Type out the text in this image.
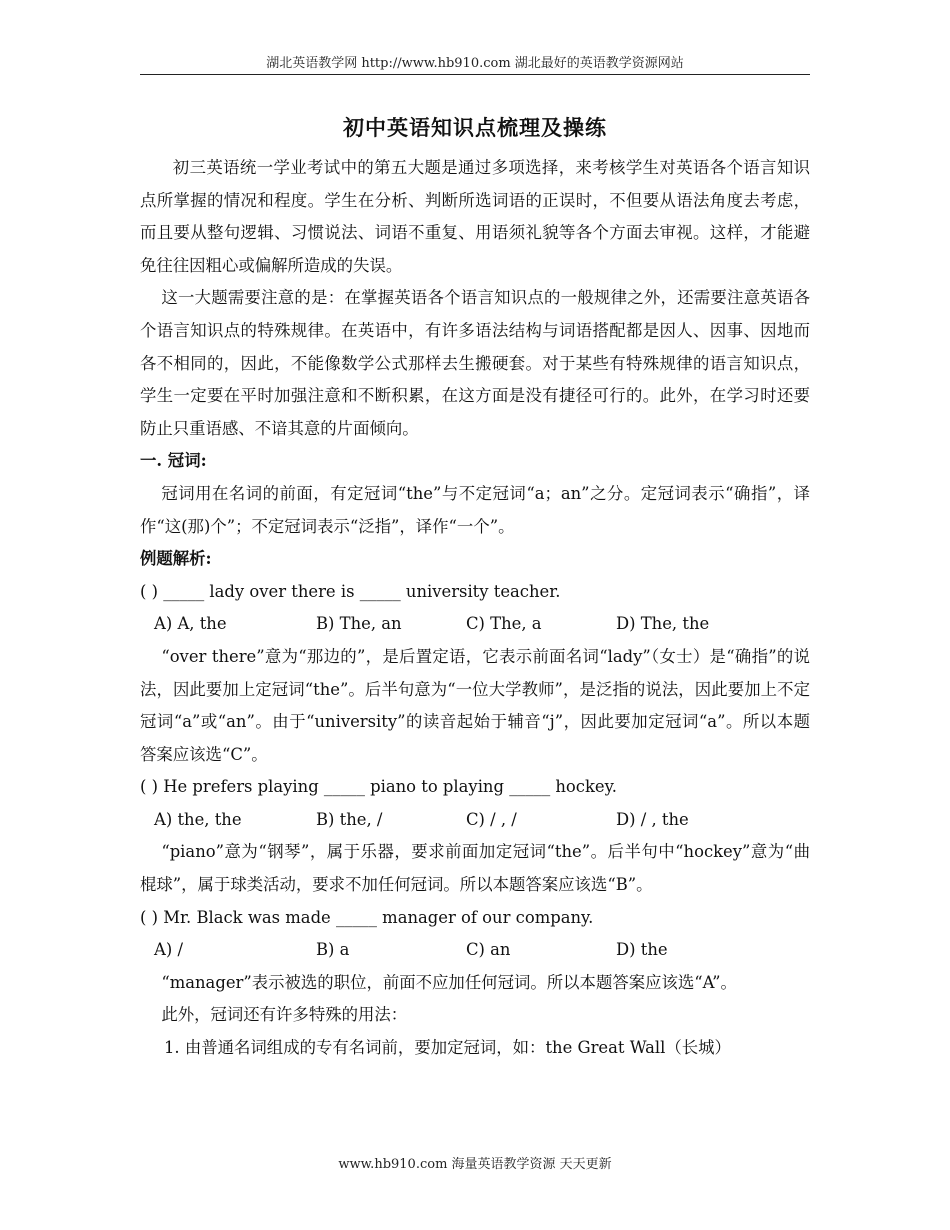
湖北英语教学网 http://www.hb910.com 湖北最好的英语教学资源网站
初中英语知识点梳理及操练

初三英语统一学业考试中的第五大题是通过多项选择，来考核学生对英语各个语言知识点所掌握的情况和程度。学生在分析、判断所选词语的正误时，不但要从语法角度去考虑，而且要从整句逻辑、习惯说法、词语不重复、用语须礼貌等各个方面去审视。这样，才能避免往往因粗心或偏解所造成的失误。

这一大题需要注意的是：在掌握英语各个语言知识点的一般规律之外，还需要注意英语各个语言知识点的特殊规律。在英语中，有许多语法结构与词语搭配都是因人、因事、因地而各不相同的，因此，不能像数学公式那样去生搬硬套。对于某些有特殊规律的语言知识点，学生一定要在平时加强注意和不断积累，在这方面是没有捷径可行的。此外，在学习时还要防止只重语感、不谙其意的片面倾向。

一. 冠词:

冠词用在名词的前面，有定冠词“the”与不定冠词“a；an”之分。定冠词表示“确指”，译作“这(那)个”；不定冠词表示“泛指”，译作“一个”。

例题解析:

( ) _____ lady over there is _____ university teacher.

A) A, the	B) The, an	C) The, a	D) The, the

“over there”意为“那边的”，是后置定语，它表示前面名词“lady”（女士）是“确指”的说法，因此要加上定冠词“the”。后半句意为“一位大学教师”，是泛指的说法，因此要加上不定冠词“a”或“an”。由于“university”的读音起始于辅音“j”，因此要加定冠词“a”。所以本题答案应该选“C”。

( ) He prefers playing _____ piano to playing _____ hockey.

A) the, the	B) the, /	C) / , /	D) / , the

“piano”意为“钢琴”，属于乐器，要求前面加定冠词“the”。后半句中“hockey”意为“曲棍球”，属于球类活动，要求不加任何冠词。所以本题答案应该选“B”。

( ) Mr. Black was made _____ manager of our company.

A) /	B) a	C) an	D) the

“manager”表示被选的职位，前面不应加任何冠词。所以本题答案应该选“A”。

此外，冠词还有许多特殊的用法：

1. 由普通名词组成的专有名词前，要加定冠词，如：the Great Wall（长城）

www.hb910.com 海量英语教学资源 天天更新
